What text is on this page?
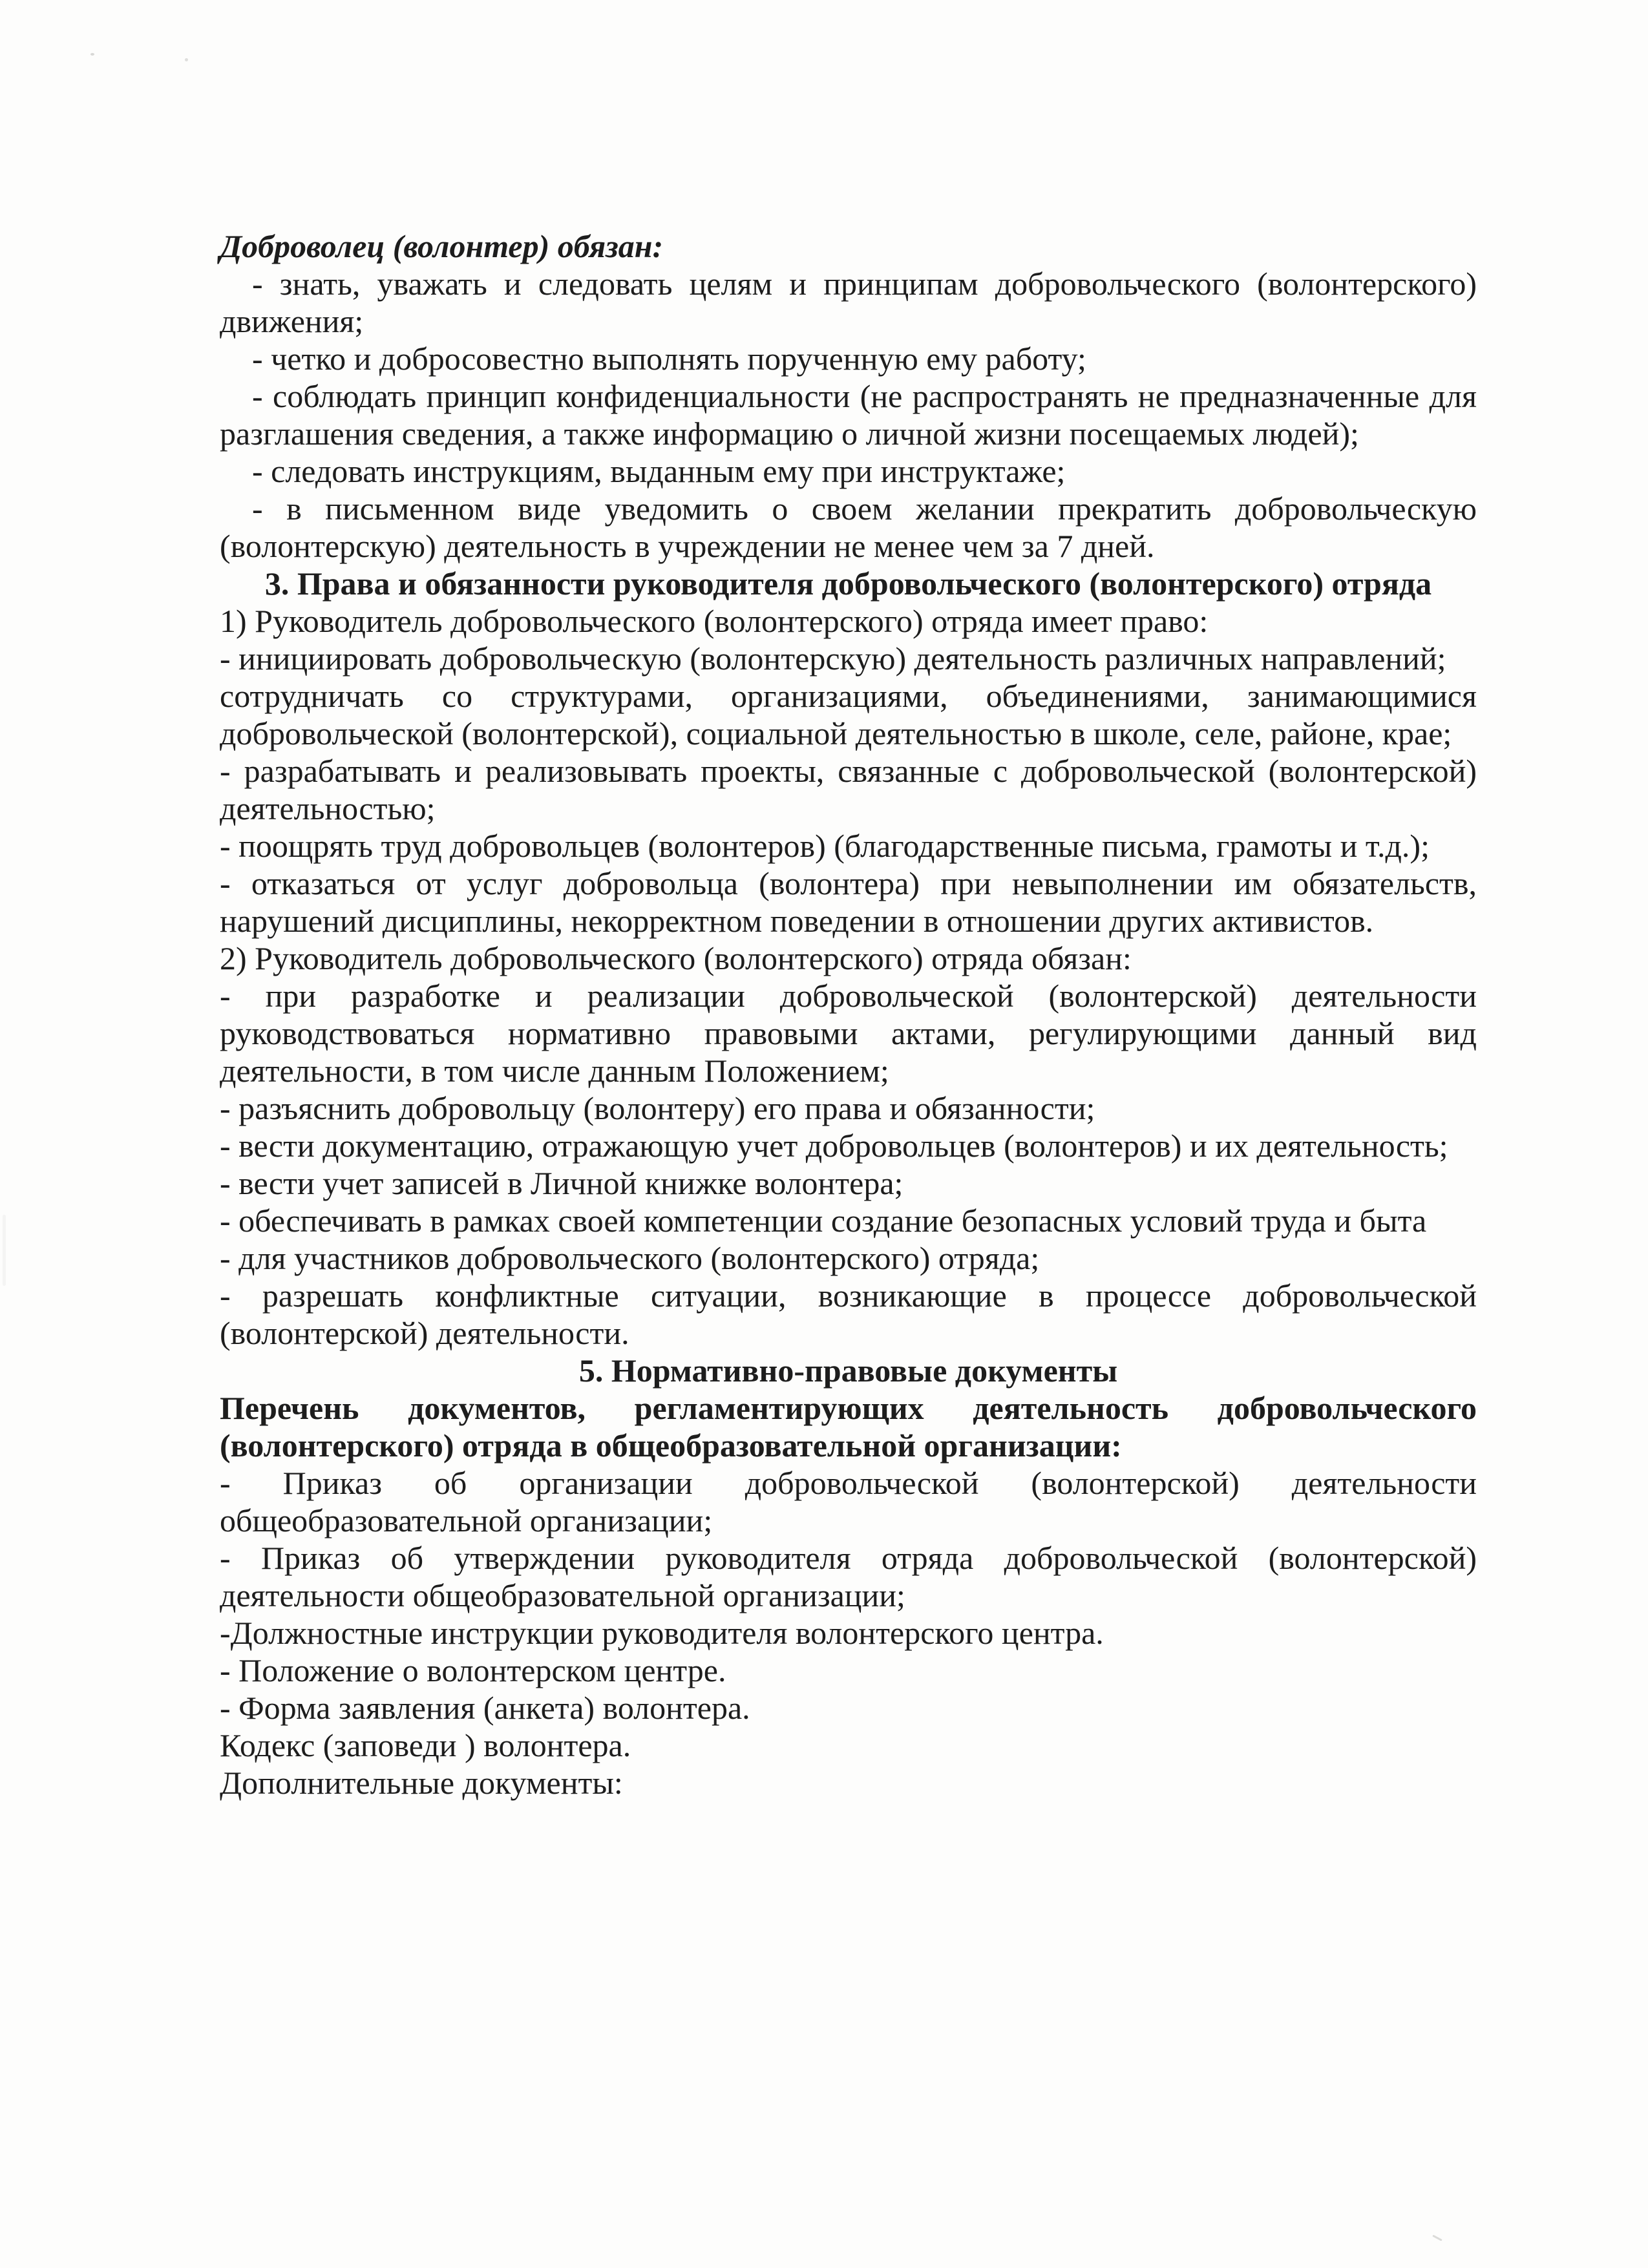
Доброволец (волонтер) обязан:

- знать, уважать и следовать целям и принципам добровольческого (волонтерского) движения;

- четко и добросовестно выполнять порученную ему работу;

- соблюдать принцип конфиденциальности (не распространять не предназначенные для разглашения сведения, а также информацию о личной жизни посещаемых людей);

- следовать инструкциям, выданным ему при инструктаже;

- в письменном виде уведомить о своем желании прекратить добровольческую (волонтерскую) деятельность в учреждении не менее чем за 7 дней.

3. Права и обязанности руководителя добровольческого (волонтерского) отряда

1) Руководитель добровольческого (волонтерского) отряда имеет право:

- инициировать добровольческую (волонтерскую) деятельность различных направлений;

сотрудничать со структурами, организациями, объединениями, занимающимися добровольческой (волонтерской), социальной деятельностью в школе, селе, районе, крае;

- разрабатывать и реализовывать проекты, связанные с добровольческой (волонтерской) деятельностью;

- поощрять труд добровольцев (волонтеров) (благодарственные письма, грамоты и т.д.);

- отказаться от услуг добровольца (волонтера) при невыполнении им обязательств, нарушений дисциплины, некорректном поведении в отношении других активистов.

2) Руководитель добровольческого (волонтерского) отряда обязан:

- при разработке и реализации добровольческой (волонтерской) деятельности руководствоваться нормативно правовыми актами, регулирующими данный вид деятельности, в том числе данным Положением;

- разъяснить добровольцу (волонтеру) его права и обязанности;

- вести документацию, отражающую учет добровольцев (волонтеров) и их деятельность;

- вести учет записей в Личной книжке волонтера;

- обеспечивать в рамках своей компетенции создание безопасных условий труда и быта

- для участников добровольческого (волонтерского) отряда;

- разрешать конфликтные ситуации, возникающие в процессе добровольческой (волонтерской) деятельности.

5. Нормативно-правовые документы

Перечень документов, регламентирующих деятельность добровольческого (волонтерского) отряда в общеобразовательной организации:

- Приказ об организации добровольческой (волонтерской) деятельности общеобразовательной организации;

- Приказ об утверждении руководителя отряда добровольческой (волонтерской) деятельности общеобразовательной организации;

-Должностные инструкции руководителя волонтерского центра.

- Положение о волонтерском центре.

- Форма заявления (анкета) волонтера.

Кодекс (заповеди ) волонтера.

Дополнительные документы:
